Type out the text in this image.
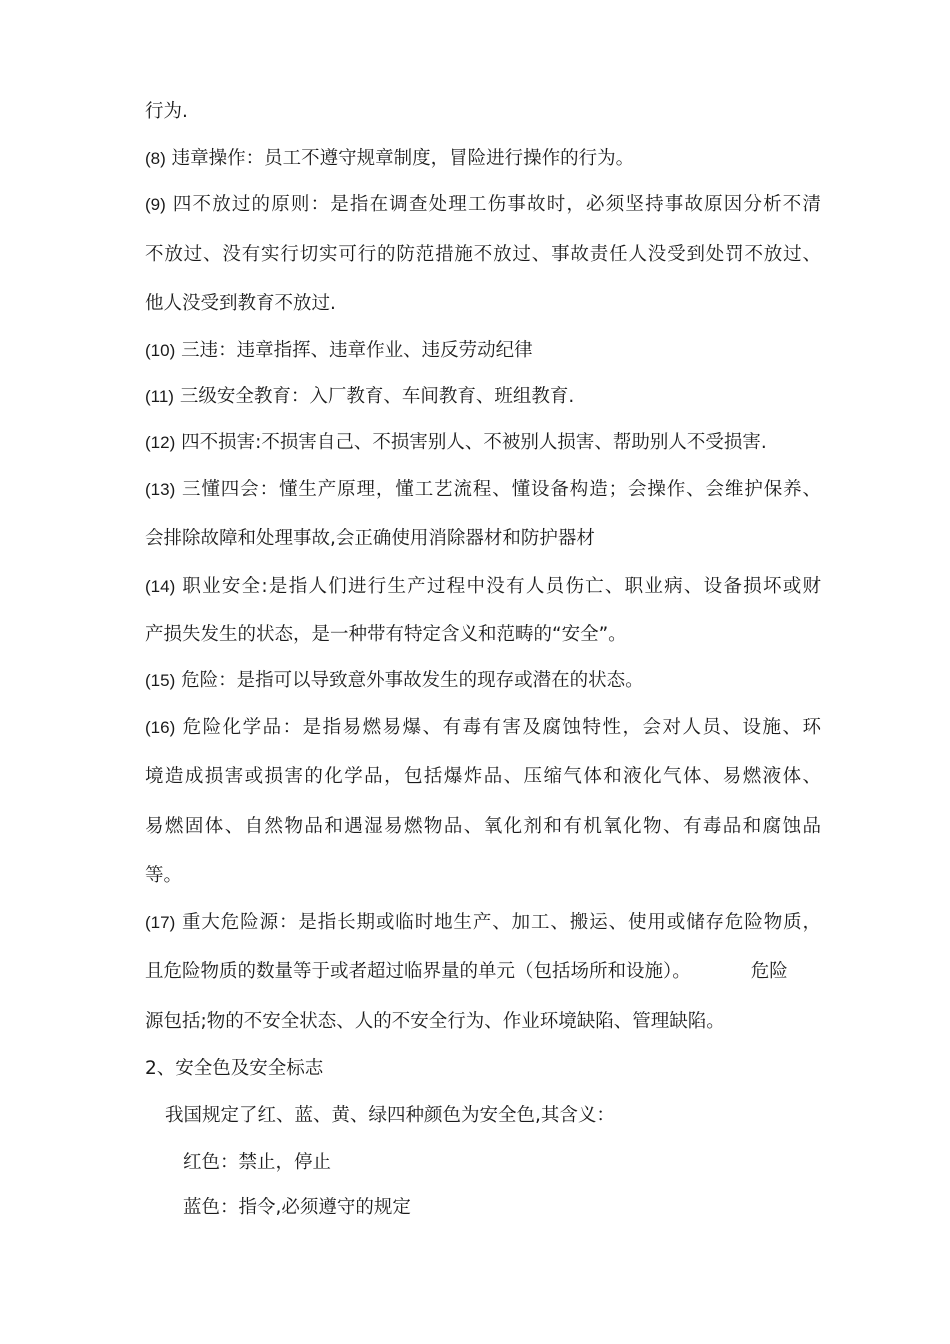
行为.
(8) 违章操作：员工不遵守规章制度，冒险进行操作的行为。
(9) 四不放过的原则：是指在调查处理工伤事故时，必须坚持事故原因分析不清
不放过、没有实行切实可行的防范措施不放过、事故责任人没受到处罚不放过、
他人没受到教育不放过.
(10) 三违：违章指挥、违章作业、违反劳动纪律
(11) 三级安全教育：入厂教育、车间教育、班组教育.
(12) 四不损害:不损害自己、不损害别人、不被别人损害、帮助别人不受损害.
(13) 三懂四会：懂生产原理，懂工艺流程、懂设备构造；会操作、会维护保养、
会排除故障和处理事故,会正确使用消除器材和防护器材
(14) 职业安全:是指人们进行生产过程中没有人员伤亡、职业病、设备损坏或财
产损失发生的状态，是一种带有特定含义和范畴的“安全”。
(15) 危险：是指可以导致意外事故发生的现存或潜在的状态。
(16) 危险化学品：是指易燃易爆、有毒有害及腐蚀特性，会对人员、设施、环
境造成损害或损害的化学品，包括爆炸品、压缩气体和液化气体、易燃液体、
易燃固体、自然物品和遇湿易燃物品、氧化剂和有机氧化物、有毒品和腐蚀品
等。
(17) 重大危险源：是指长期或临时地生产、加工、搬运、使用或储存危险物质，
且危险物质的数量等于或者超过临界量的单元（包括场所和设施）。	危险
源包括;物的不安全状态、人的不安全行为、作业环境缺陷、管理缺陷。
2、安全色及安全标志
我国规定了红、蓝、黄、绿四种颜色为安全色,其含义：
红色：禁止，停止
蓝色：指令,必须遵守的规定
